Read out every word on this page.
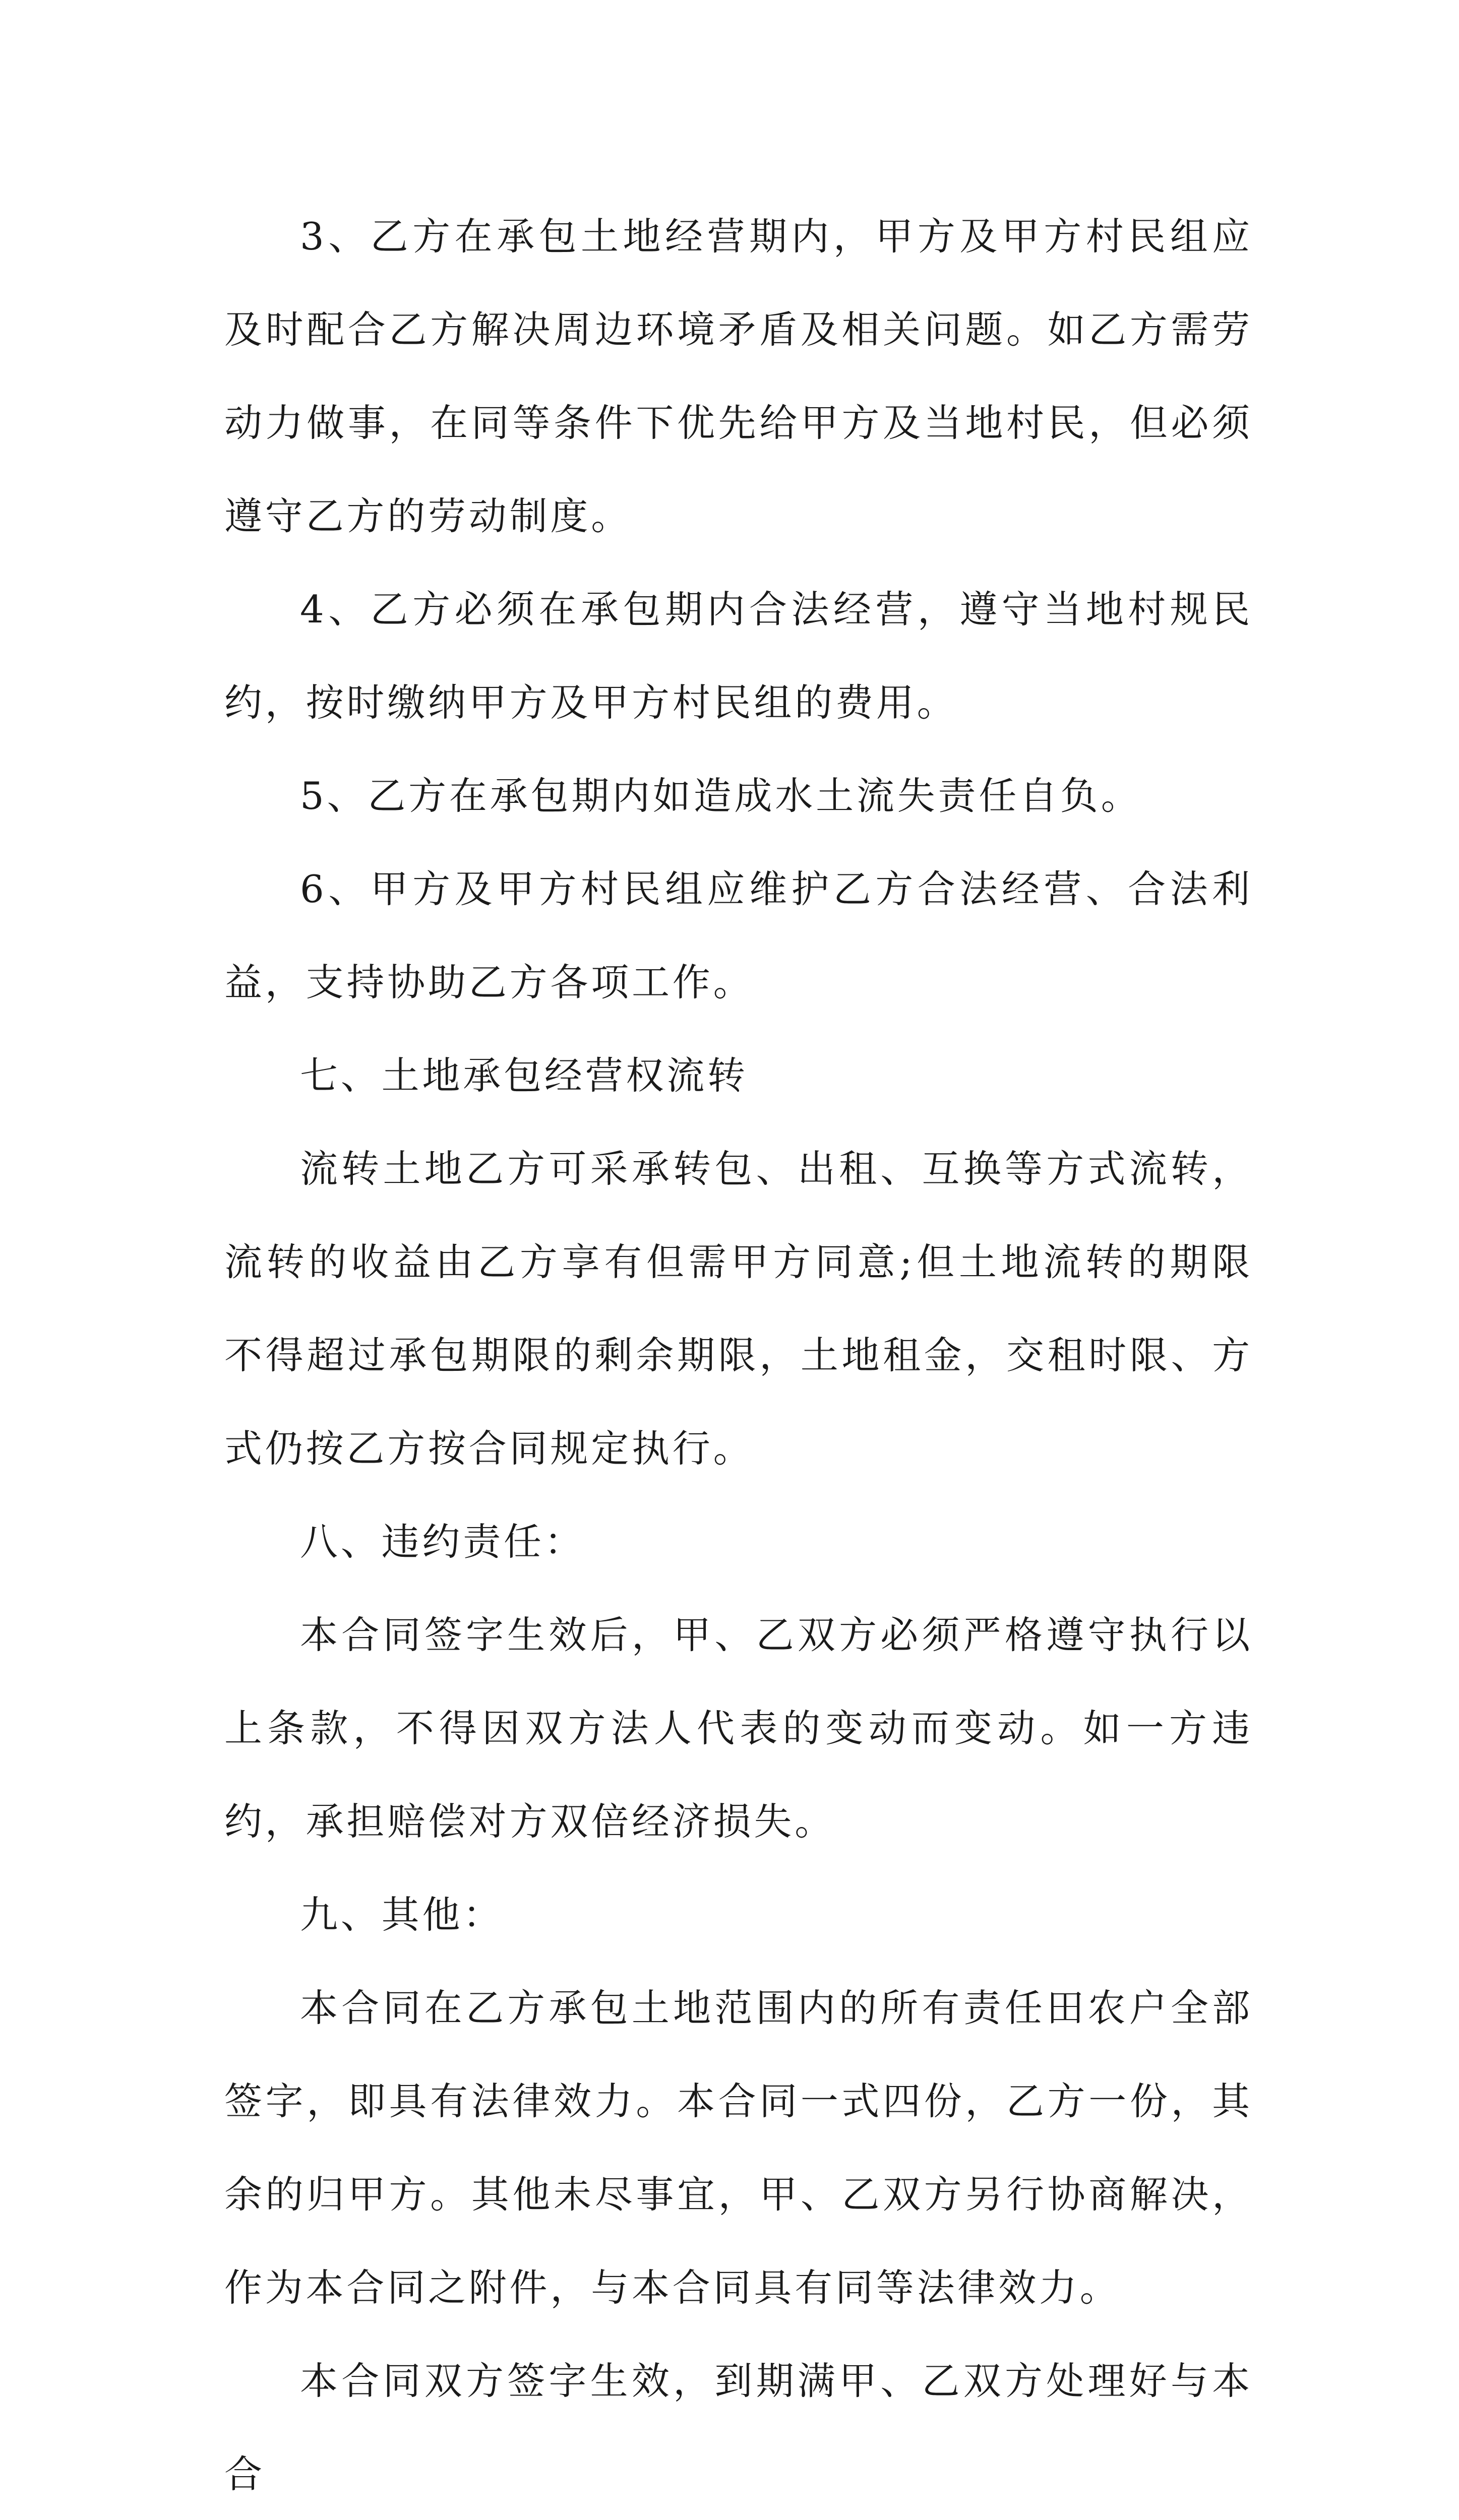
3、乙方在承包土地经营期内，甲方及甲方村民组应及时配合乙方解决周边环境矛盾及相关问题。如乙方需劳动力做事，在同等条件下优先给甲方及当地村民，但必须遵守乙方的劳动制度。

4、乙方必须在承包期内合法经营，遵守当地村规民约，按时缴纳甲方及甲方村民组的费用。

5、乙方在承包期内如造成水土流失责任自负。

6、甲方及甲方村民组应维护乙方合法经营、合法利益，支持协助乙方各项工作。

七、土地承包经营权流转

流转土地乙方可采承转包、出租、互换等方式流转，流转的收益由乙方享有但需甲方同意;但土地流转的期限不得超过承包期限的剩余期限，土地租金，交租时限、方式仍按乙方按合同规定执行。

八、违约责任：

本合同签字生效后，甲、乙双方必须严格遵守执行以上条款，不得因双方法人代表的变动而变动。如一方违约，承担赔偿对方双倍经济损失。

九、其他：

本合同在乙方承包土地范围内的所有责任田农户全部签字，即具有法律效力。本合同一式四份，乙方一份，其余的归甲方。其他未尽事宜，甲、乙双方另行协商解决，作为本合同之附件，与本合同具有同等法律效力。

本合同双方签字生效，到期满甲、乙双方处理好与本合
